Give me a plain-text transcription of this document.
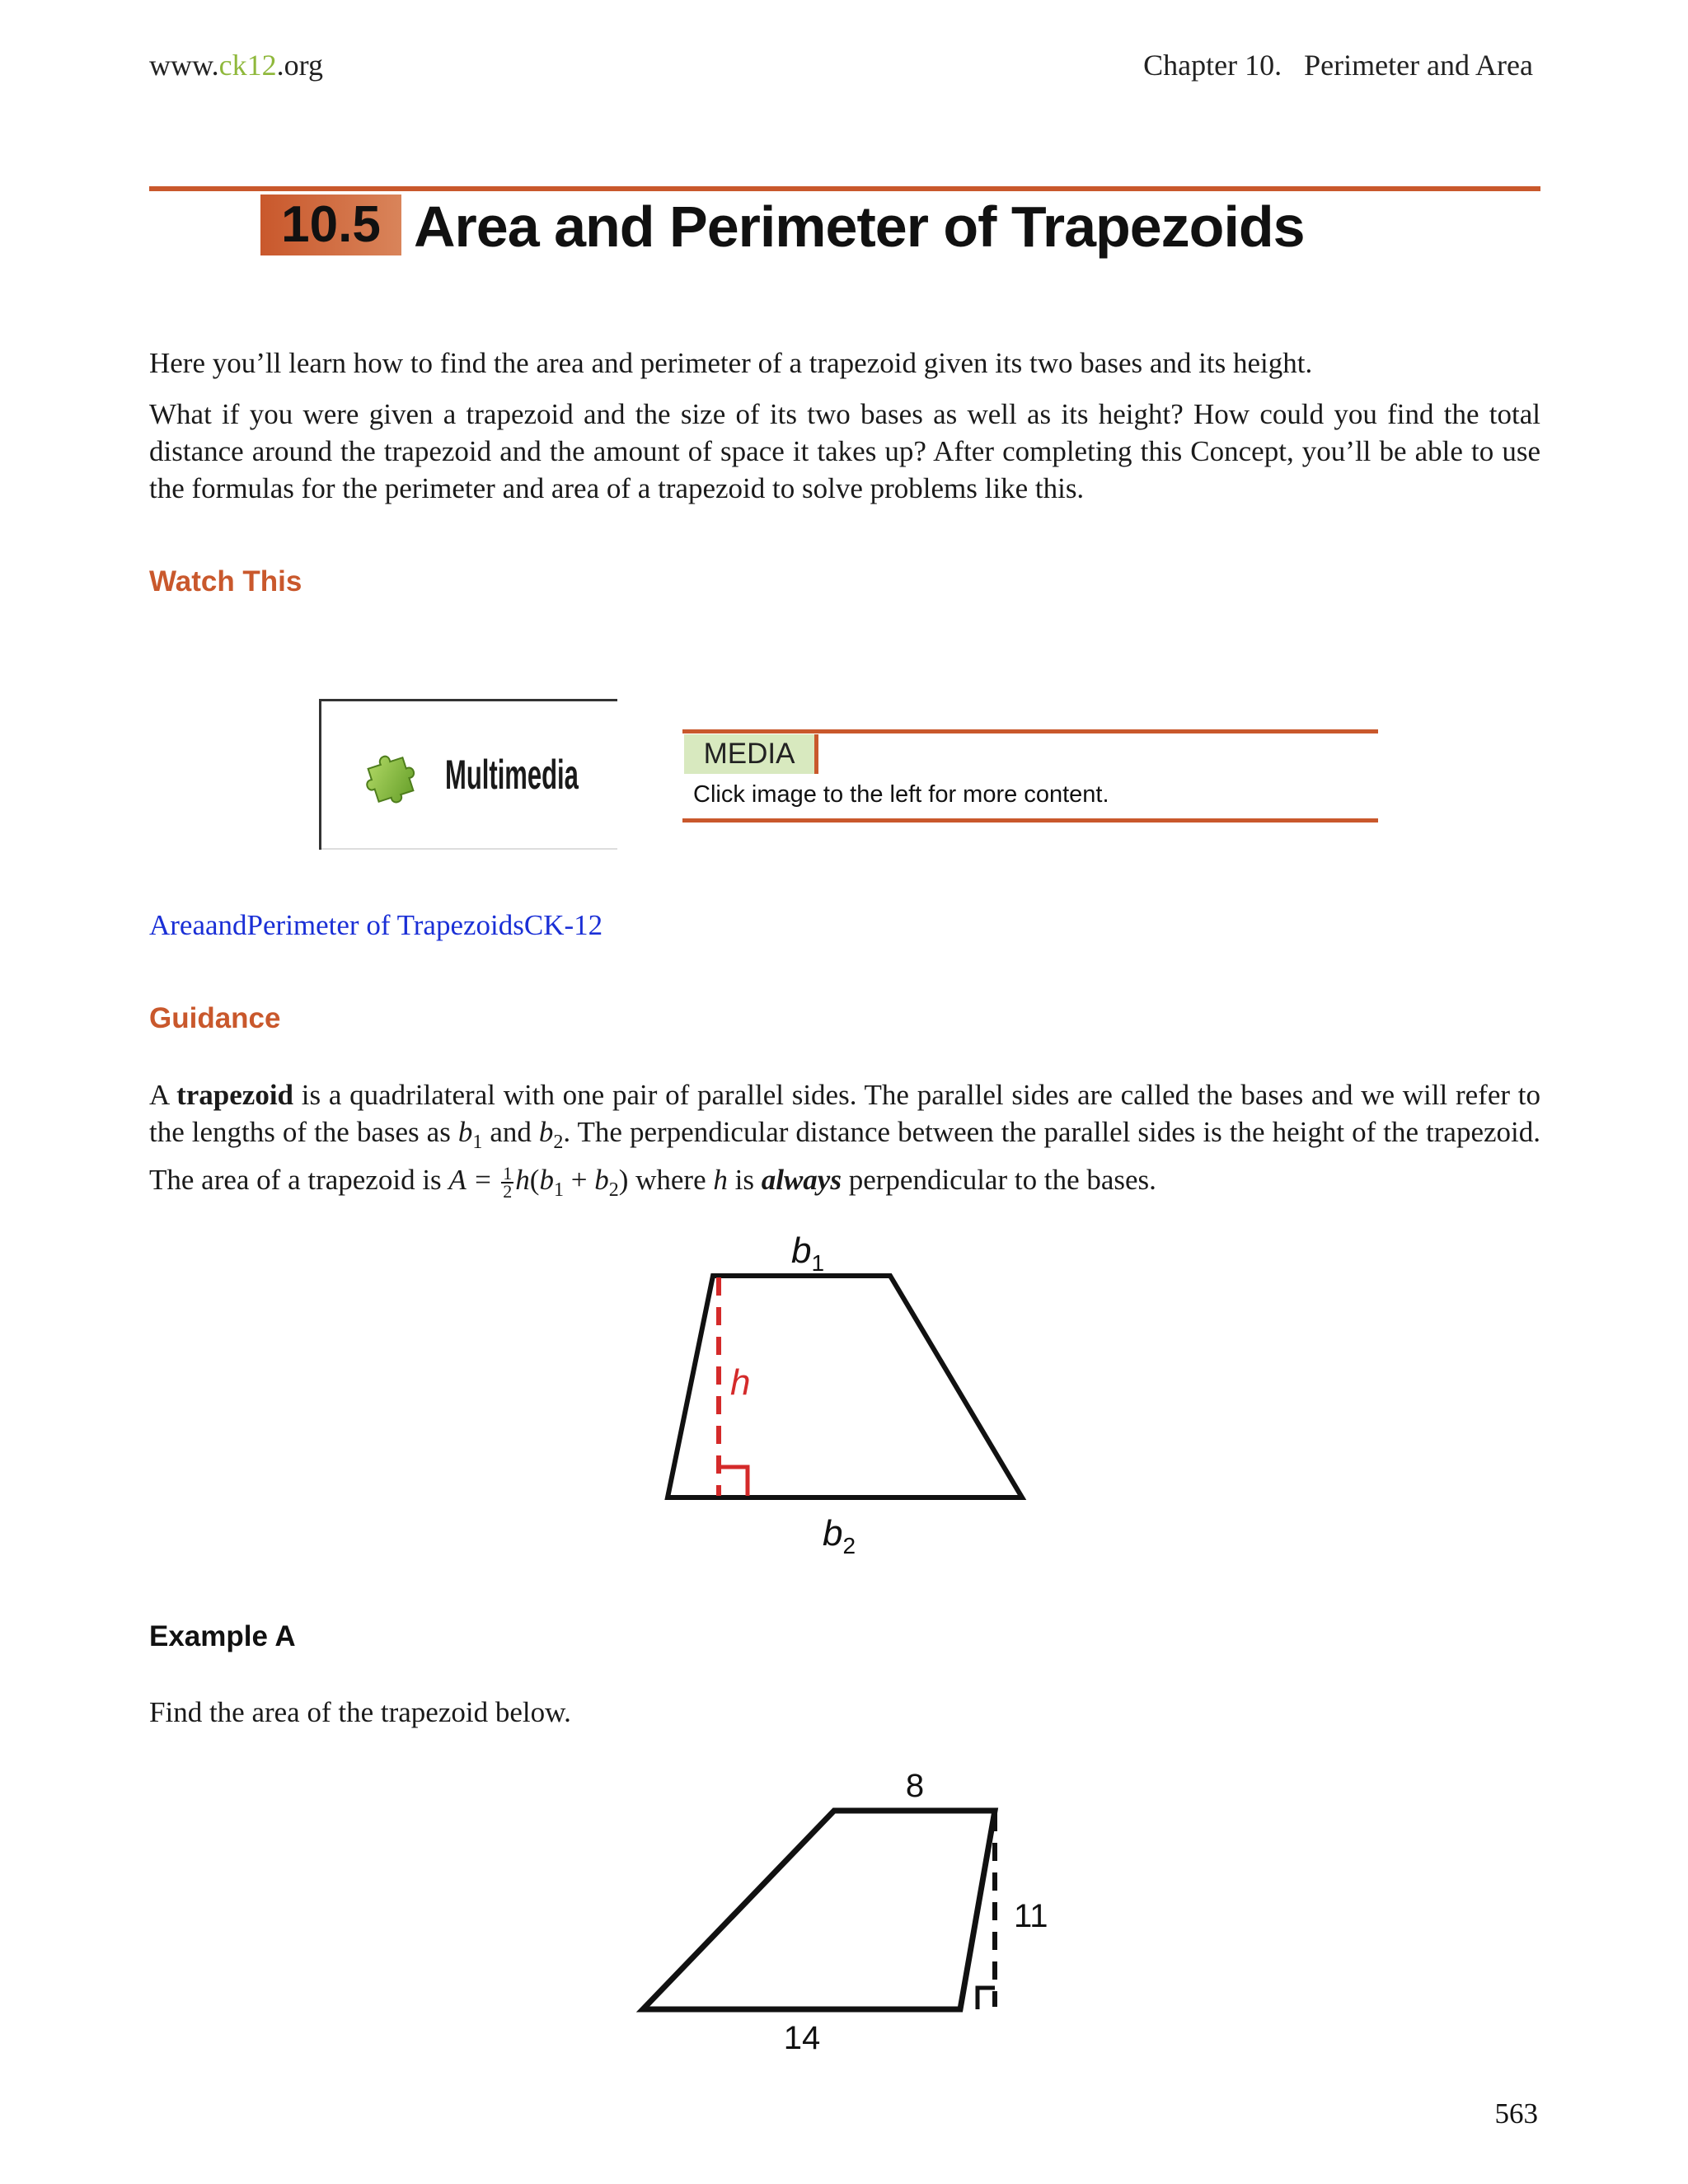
www.ck12.org	Chapter 10.   Perimeter and Area
10.5 Area and Perimeter of Trapezoids
Here you’ll learn how to find the area and perimeter of a trapezoid given its two bases and its height.
What if you were given a trapezoid and the size of its two bases as well as its height? How could you find the total distance around the trapezoid and the amount of space it takes up? After completing this Concept, you’ll be able to use the formulas for the perimeter and area of a trapezoid to solve problems like this.
Watch This
Multimedia	MEDIA
Click image to the left for more content.
AreaandPerimeter of TrapezoidsCK-12
Guidance
A trapezoid is a quadrilateral with one pair of parallel sides. The parallel sides are called the bases and we will refer to the lengths of the bases as $b_1$ and $b_2$. The perpendicular distance between the parallel sides is the height of the trapezoid. The area of a trapezoid is $A = \frac{1}{2} h(b_1 + b_2)$ where h is always perpendicular to the bases.
h
$b_1$
$b_2$
Example A
Find the area of the trapezoid below.
8
11
14
563
